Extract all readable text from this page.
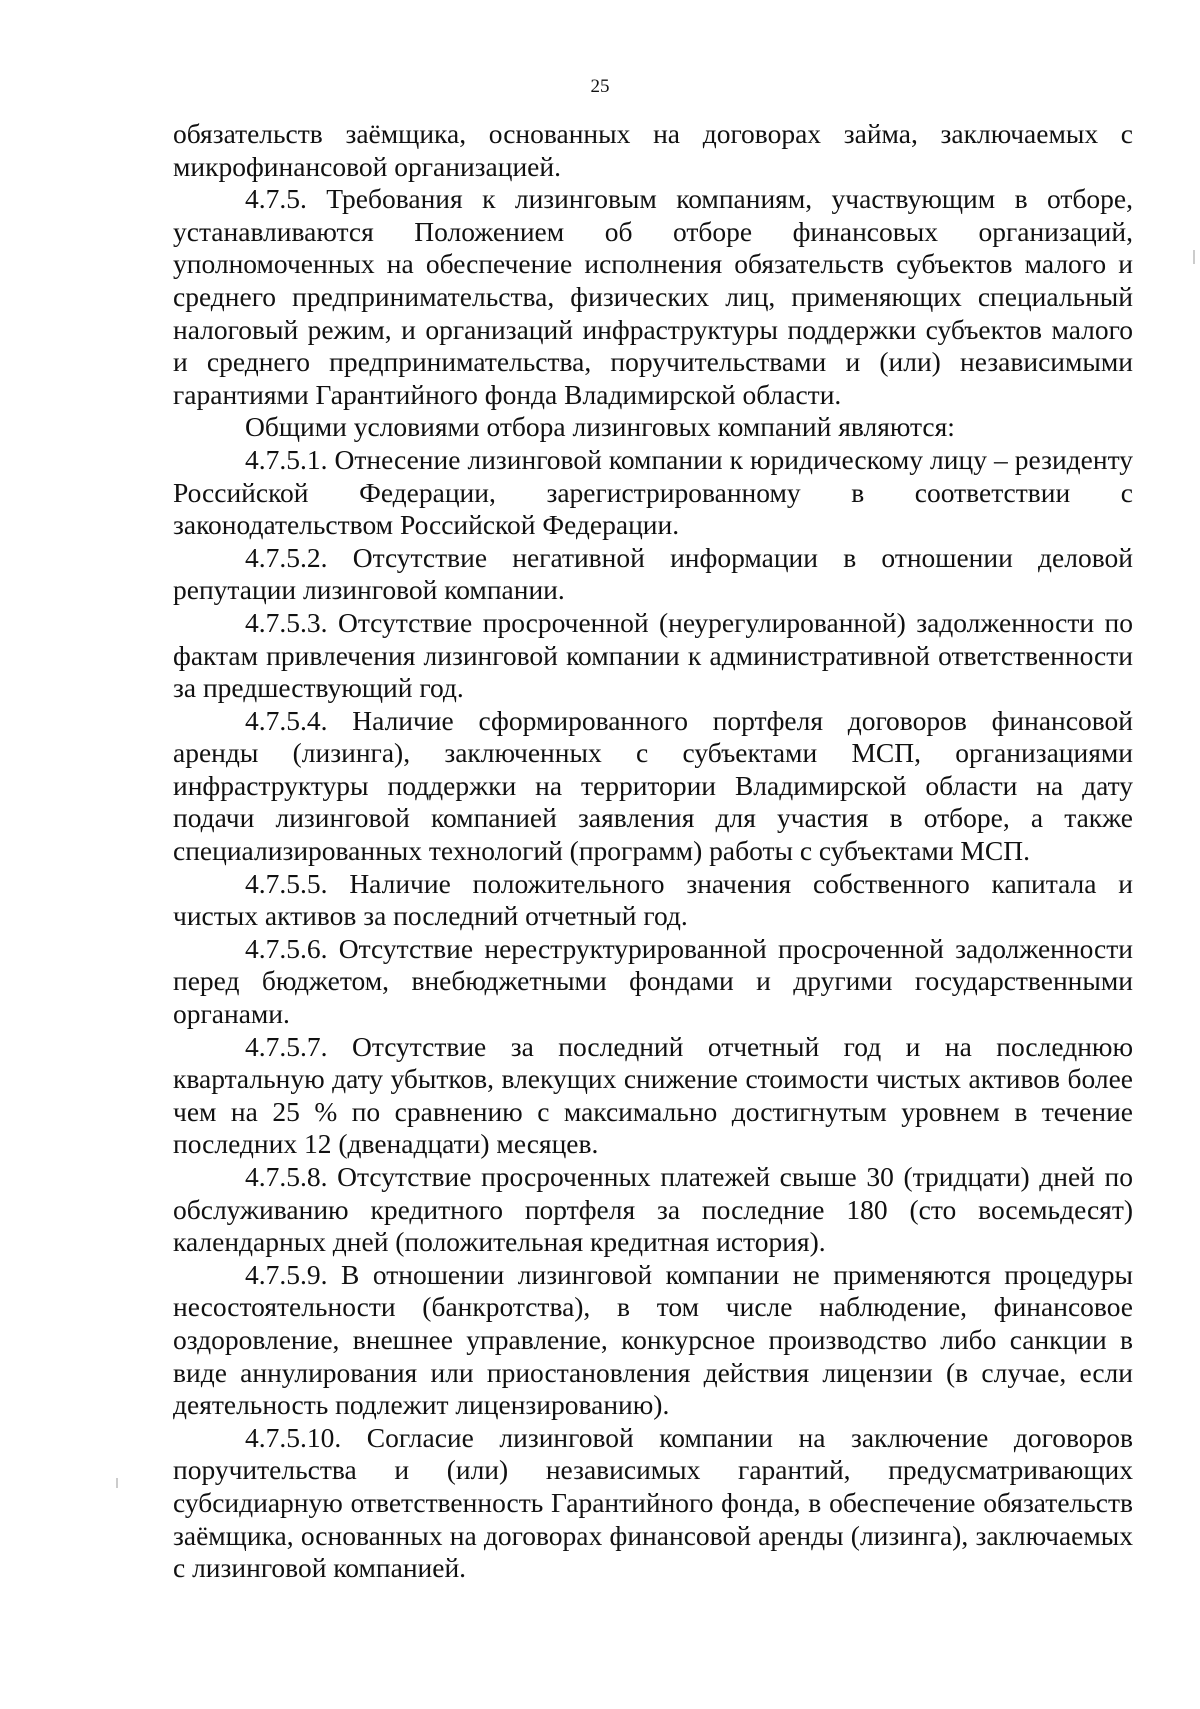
25

обязательств заёмщика, основанных на договорах займа, заключаемых с микрофинансовой организацией.

4.7.5. Требования к лизинговым компаниям, участвующим в отборе, устанавливаются Положением об отборе финансовых организаций, уполномоченных на обеспечение исполнения обязательств субъектов малого и среднего предпринимательства, физических лиц, применяющих специальный налоговый режим, и организаций инфраструктуры поддержки субъектов малого и среднего предпринимательства, поручительствами и (или) независимыми гарантиями Гарантийного фонда Владимирской области.

Общими условиями отбора лизинговых компаний являются:

4.7.5.1. Отнесение лизинговой компании к юридическому лицу – резиденту Российской Федерации, зарегистрированному в соответствии с законодательством Российской Федерации.

4.7.5.2. Отсутствие негативной информации в отношении деловой репутации лизинговой компании.

4.7.5.3. Отсутствие просроченной (неурегулированной) задолженности по фактам привлечения лизинговой компании к административной ответственности за предшествующий год.

4.7.5.4. Наличие сформированного портфеля договоров финансовой аренды (лизинга), заключенных с субъектами МСП, организациями инфраструктуры поддержки на территории Владимирской области на дату подачи лизинговой компанией заявления для участия в отборе, а также специализированных технологий (программ) работы с субъектами МСП.

4.7.5.5. Наличие положительного значения собственного капитала и чистых активов за последний отчетный год.

4.7.5.6. Отсутствие нереструктурированной просроченной задолженности перед бюджетом, внебюджетными фондами и другими государственными органами.

4.7.5.7. Отсутствие за последний отчетный год и на последнюю квартальную дату убытков, влекущих снижение стоимости чистых активов более чем на 25 % по сравнению с максимально достигнутым уровнем в течение последних 12 (двенадцати) месяцев.

4.7.5.8. Отсутствие просроченных платежей свыше 30 (тридцати) дней по обслуживанию кредитного портфеля за последние 180 (сто восемьдесят) календарных дней (положительная кредитная история).

4.7.5.9. В отношении лизинговой компании не применяются процедуры несостоятельности (банкротства), в том числе наблюдение, финансовое оздоровление, внешнее управление, конкурсное производство либо санкции в виде аннулирования или приостановления действия лицензии (в случае, если деятельность подлежит лицензированию).

4.7.5.10. Согласие лизинговой компании на заключение договоров поручительства и (или) независимых гарантий, предусматривающих субсидиарную ответственность Гарантийного фонда, в обеспечение обязательств заёмщика, основанных на договорах финансовой аренды (лизинга), заключаемых с лизинговой компанией.
